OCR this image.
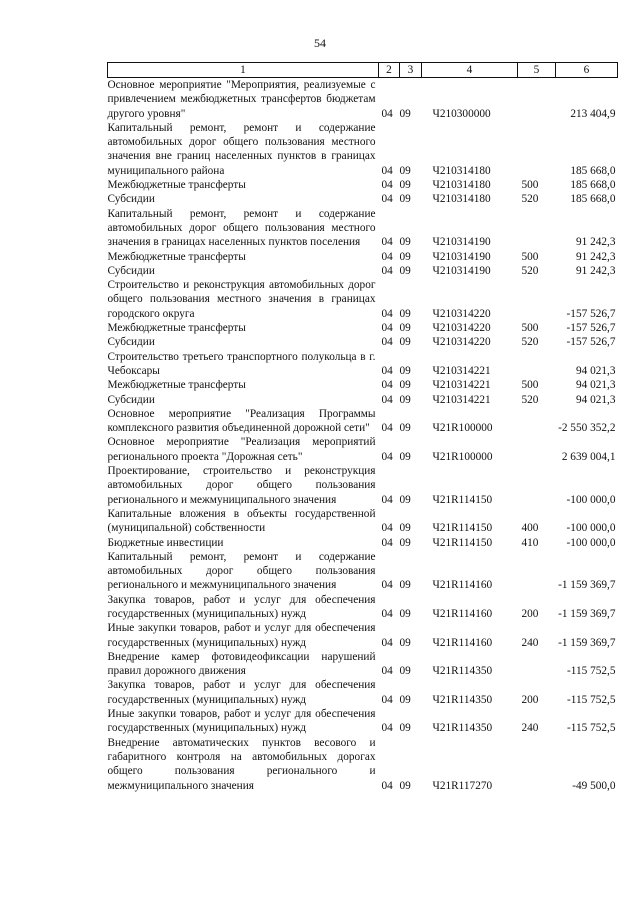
54
1	2	3	4	5	6
Основное мероприятие "Мероприятия, реализуемые с привлечением межбюджетных трансфертов бюджетам другого уровня"	04	09	Ч210300000		213 404,9
Капитальный ремонт, ремонт и содержание автомобильных дорог общего пользования местного значения вне границ населенных пунктов в границах муниципального района	04	09	Ч210314180		185 668,0
Межбюджетные трансферты	04	09	Ч210314180	500	185 668,0
Субсидии	04	09	Ч210314180	520	185 668,0
Капитальный ремонт, ремонт и содержание автомобильных дорог общего пользования местного значения в границах населенных пунктов поселения	04	09	Ч210314190		91 242,3
Межбюджетные трансферты	04	09	Ч210314190	500	91 242,3
Субсидии	04	09	Ч210314190	520	91 242,3
Строительство и реконструкция автомобильных дорог общего пользования местного значения в границах городского округа	04	09	Ч210314220		-157 526,7
Межбюджетные трансферты	04	09	Ч210314220	500	-157 526,7
Субсидии	04	09	Ч210314220	520	-157 526,7
Строительство третьего транспортного полукольца в г. Чебоксары	04	09	Ч210314221		94 021,3
Межбюджетные трансферты	04	09	Ч210314221	500	94 021,3
Субсидии	04	09	Ч210314221	520	94 021,3
Основное мероприятие "Реализация Программы комплексного развития объединенной дорожной сети"	04	09	Ч21R100000		-2 550 352,2
Основное мероприятие "Реализация мероприятий регионального проекта "Дорожная сеть"	04	09	Ч21R100000		2 639 004,1
Проектирование, строительство и реконструкция автомобильных дорог общего пользования регионального и межмуниципального значения	04	09	Ч21R114150		-100 000,0
Капитальные вложения в объекты государственной (муниципальной) собственности	04	09	Ч21R114150	400	-100 000,0
Бюджетные инвестиции	04	09	Ч21R114150	410	-100 000,0
Капитальный ремонт, ремонт и содержание автомобильных дорог общего пользования регионального и межмуниципального значения	04	09	Ч21R114160		-1 159 369,7
Закупка товаров, работ и услуг для обеспечения государственных (муниципальных) нужд	04	09	Ч21R114160	200	-1 159 369,7
Иные закупки товаров, работ и услуг для обеспечения государственных (муниципальных) нужд	04	09	Ч21R114160	240	-1 159 369,7
Внедрение камер фотовидеофиксации нарушений правил дорожного движения	04	09	Ч21R114350		-115 752,5
Закупка товаров, работ и услуг для обеспечения государственных (муниципальных) нужд	04	09	Ч21R114350	200	-115 752,5
Иные закупки товаров, работ и услуг для обеспечения государственных (муниципальных) нужд	04	09	Ч21R114350	240	-115 752,5
Внедрение автоматических пунктов весового и габаритного контроля на автомобильных дорогах общего пользования регионального и межмуниципального значения	04	09	Ч21R117270		-49 500,0
